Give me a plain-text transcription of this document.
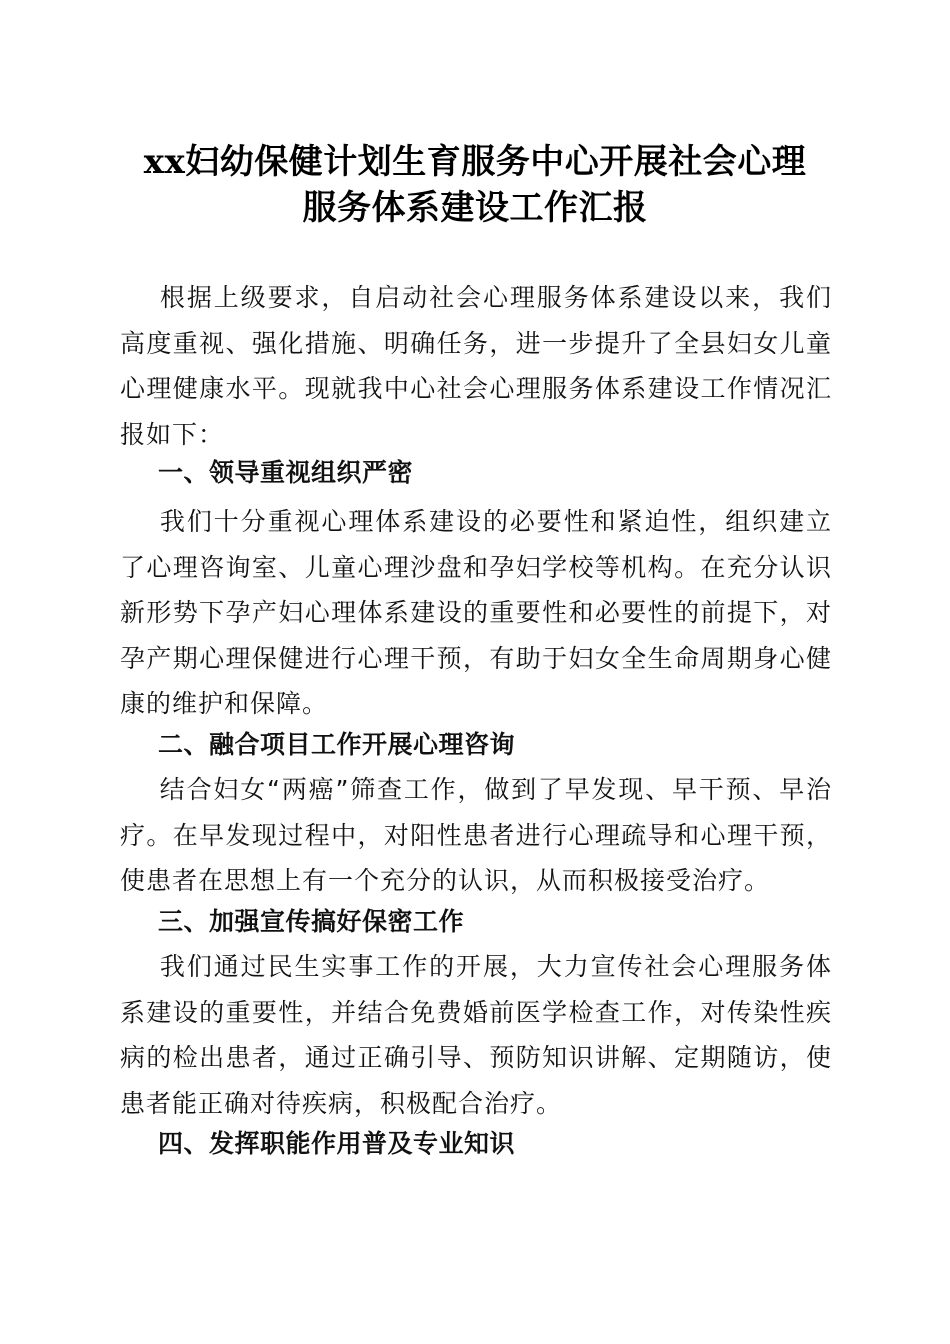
xx妇幼保健计划生育服务中心开展社会心理
服务体系建设工作汇报

根据上级要求，自启动社会心理服务体系建设以来，我们高度重视、强化措施、明确任务，进一步提升了全县妇女儿童心理健康水平。现就我中心社会心理服务体系建设工作情况汇报如下：

一、领导重视组织严密

我们十分重视心理体系建设的必要性和紧迫性，组织建立了心理咨询室、儿童心理沙盘和孕妇学校等机构。在充分认识新形势下孕产妇心理体系建设的重要性和必要性的前提下，对孕产期心理保健进行心理干预，有助于妇女全生命周期身心健康的维护和保障。

二、融合项目工作开展心理咨询

结合妇女“两癌”筛查工作，做到了早发现、早干预、早治疗。在早发现过程中，对阳性患者进行心理疏导和心理干预，使患者在思想上有一个充分的认识，从而积极接受治疗。

三、加强宣传搞好保密工作

我们通过民生实事工作的开展，大力宣传社会心理服务体系建设的重要性，并结合免费婚前医学检查工作，对传染性疾病的检出患者，通过正确引导、预防知识讲解、定期随访，使患者能正确对待疾病，积极配合治疗。

四、发挥职能作用普及专业知识
